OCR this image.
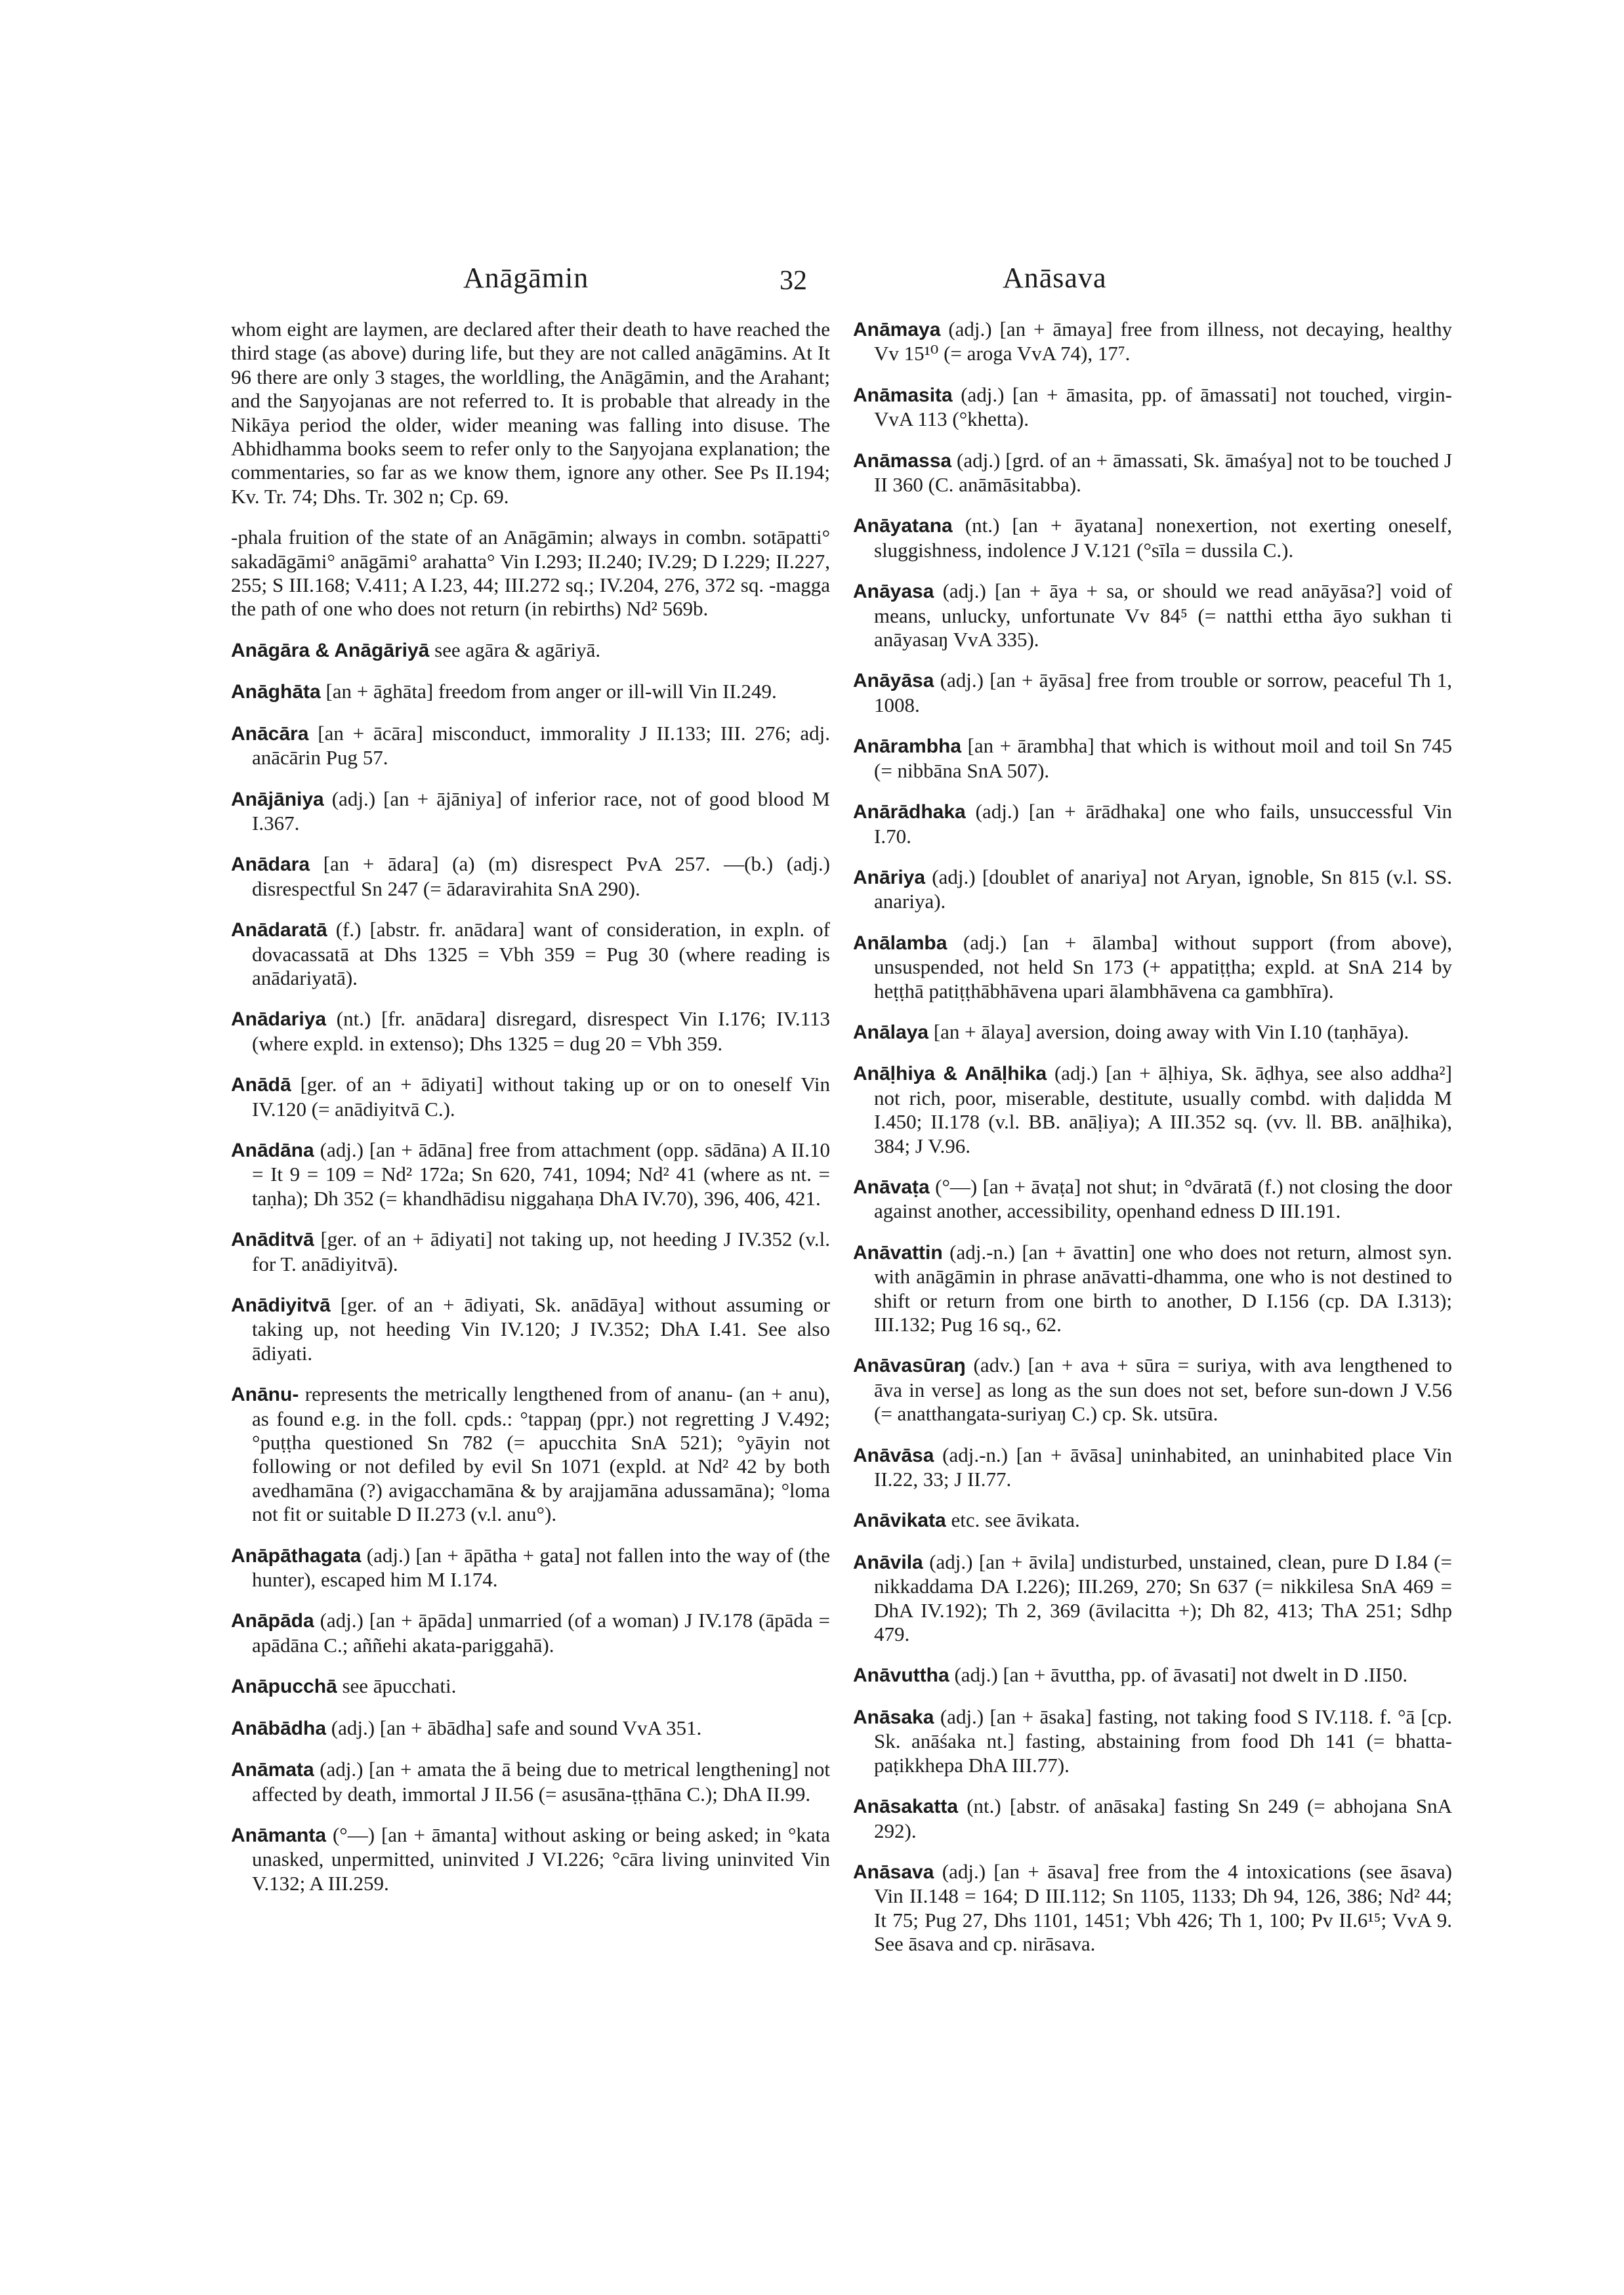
Anāgāmin	32	Anāsava

whom eight are laymen, are declared after their death to have reached the third stage (as above) during life, but they are not called anāgāmins. At It 96 there are only 3 stages, the worldling, the Anāgāmin, and the Arahant; and the Saŋyojanas are not referred to. It is probable that already in the Nikāya period the older, wider meaning was falling into disuse. The Abhidhamma books seem to refer only to the Saŋyojana explanation; the commentaries, so far as we know them, ignore any other. See Ps II.194; Kv. Tr. 74; Dhs. Tr. 302 n; Cp. 69.

-phala fruition of the state of an Anāgāmin; always in combn. sotāpatti° sakadāgāmi° anāgāmi° arahatta° Vin I.293; II.240; IV.29; D I.229; II.227, 255; S III.168; V.411; A I.23, 44; III.272 sq.; IV.204, 276, 372 sq. -magga the path of one who does not return (in rebirths) Nd² 569b.

Anāgāra & Anāgāriyā see agāra & agāriyā.

Anāghāta [an + āghāta] freedom from anger or ill-will Vin II.249.

Anācāra [an + ācāra] misconduct, immorality J II.133; III. 276; adj. anācārin Pug 57.

Anājāniya (adj.) [an + ājāniya] of inferior race, not of good blood M I.367.

Anādara [an + ādara] (a) (m) disrespect PvA 257. —(b.) (adj.) disrespectful Sn 247 (= ādaravirahita SnA 290).

Anādaratā (f.) [abstr. fr. anādara] want of consideration, in expln. of dovacassatā at Dhs 1325 = Vbh 359 = Pug 30 (where reading is anādariyatā).

Anādariya (nt.) [fr. anādara] disregard, disrespect Vin I.176; IV.113 (where expld. in extenso); Dhs 1325 = dug 20 = Vbh 359.

Anādā [ger. of an + ādiyati] without taking up or on to oneself Vin IV.120 (= anādiyitvā C.).

Anādāna (adj.) [an + ādāna] free from attachment (opp. sādāna) A II.10 = It 9 = 109 = Nd² 172a; Sn 620, 741, 1094; Nd² 41 (where as nt. = taṇha); Dh 352 (= khandhādisu niggahaṇa DhA IV.70), 396, 406, 421.

Anāditvā [ger. of an + ādiyati] not taking up, not heeding J IV.352 (v.l. for T. anādiyitvā).

Anādiyitvā [ger. of an + ādiyati, Sk. anādāya] without assuming or taking up, not heeding Vin IV.120; J IV.352; DhA I.41. See also ādiyati.

Anānu- represents the metrically lengthened from of ananu- (an + anu), as found e.g. in the foll. cpds.: °tappaŋ (ppr.) not regretting J V.492; °puṭṭha questioned Sn 782 (= apucchita SnA 521); °yāyin not following or not defiled by evil Sn 1071 (expld. at Nd² 42 by both avedhamāna (?) avigacchamāna & by arajjamāna adussamāna); °loma not fit or suitable D II.273 (v.l. anu°).

Anāpāthagata (adj.) [an + āpātha + gata] not fallen into the way of (the hunter), escaped him M I.174.

Anāpāda (adj.) [an + āpāda] unmarried (of a woman) J IV.178 (āpāda = apādāna C.; aññehi akata-pariggahā).

Anāpucchā see āpucchati.

Anābādha (adj.) [an + ābādha] safe and sound VvA 351.

Anāmata (adj.) [an + amata the ā being due to metrical lengthening] not affected by death, immortal J II.56 (= asusāna-ṭṭhāna C.); DhA II.99.

Anāmanta (°—) [an + āmanta] without asking or being asked; in °kata unasked, unpermitted, uninvited J VI.226; °cāra living uninvited Vin V.132; A III.259.

Anāmaya (adj.) [an + āmaya] free from illness, not decaying, healthy Vv 15¹⁰ (= aroga VvA 74), 17⁷.

Anāmasita (adj.) [an + āmasita, pp. of āmassati] not touched, virgin- VvA 113 (°khetta).

Anāmassa (adj.) [grd. of an + āmassati, Sk. āmaśya] not to be touched J II 360 (C. anāmāsitabba).

Anāyatana (nt.) [an + āyatana] nonexertion, not exerting oneself, sluggishness, indolence J V.121 (°sīla = dussila C.).

Anāyasa (adj.) [an + āya + sa, or should we read anāyāsa?] void of means, unlucky, unfortunate Vv 84⁵ (= natthi ettha āyo sukhan ti anāyasaŋ VvA 335).

Anāyāsa (adj.) [an + āyāsa] free from trouble or sorrow, peaceful Th 1, 1008.

Anārambha [an + ārambha] that which is without moil and toil Sn 745 (= nibbāna SnA 507).

Anārādhaka (adj.) [an + ārādhaka] one who fails, unsuccessful Vin I.70.

Anāriya (adj.) [doublet of anariya] not Aryan, ignoble, Sn 815 (v.l. SS. anariya).

Anālamba (adj.) [an + ālamba] without support (from above), unsuspended, not held Sn 173 (+ appatiṭṭha; expld. at SnA 214 by heṭṭhā patiṭṭhābhāvena upari ālambhāvena ca gambhīra).

Anālaya [an + ālaya] aversion, doing away with Vin I.10 (taṇhāya).

Anāḷhiya & Anāḷhika (adj.) [an + āḷhiya, Sk. āḍhya, see also addha²] not rich, poor, miserable, destitute, usually combd. with daḷidda M I.450; II.178 (v.l. BB. anāḷiya); A III.352 sq. (vv. ll. BB. anāḷhika), 384; J V.96.

Anāvaṭa (°—) [an + āvaṭa] not shut; in °dvāratā (f.) not closing the door against another, accessibility, openhand edness D III.191.

Anāvattin (adj.-n.) [an + āvattin] one who does not return, almost syn. with anāgāmin in phrase anāvatti-dhamma, one who is not destined to shift or return from one birth to another, D I.156 (cp. DA I.313); III.132; Pug 16 sq., 62.

Anāvasūraŋ (adv.) [an + ava + sūra = suriya, with ava lengthened to āva in verse] as long as the sun does not set, before sun-down J V.56 (= anatthangata-suriyaŋ C.) cp. Sk. utsūra.

Anāvāsa (adj.-n.) [an + āvāsa] uninhabited, an uninhabited place Vin II.22, 33; J II.77.

Anāvikata etc. see āvikata.

Anāvila (adj.) [an + āvila] undisturbed, unstained, clean, pure D I.84 (= nikkaddama DA I.226); III.269, 270; Sn 637 (= nikkilesa SnA 469 = DhA IV.192); Th 2, 369 (āvilacitta +); Dh 82, 413; ThA 251; Sdhp 479.

Anāvuttha (adj.) [an + āvuttha, pp. of āvasati] not dwelt in D .II50.

Anāsaka (adj.) [an + āsaka] fasting, not taking food S IV.118. f. °ā [cp. Sk. anāśaka nt.] fasting, abstaining from food Dh 141 (= bhatta-paṭikkhepa DhA III.77).

Anāsakatta (nt.) [abstr. of anāsaka] fasting Sn 249 (= abhojana SnA 292).

Anāsava (adj.) [an + āsava] free from the 4 intoxications (see āsava) Vin II.148 = 164; D III.112; Sn 1105, 1133; Dh 94, 126, 386; Nd² 44; It 75; Pug 27, Dhs 1101, 1451; Vbh 426; Th 1, 100; Pv II.6¹⁵; VvA 9. See āsava and cp. nirāsava.
